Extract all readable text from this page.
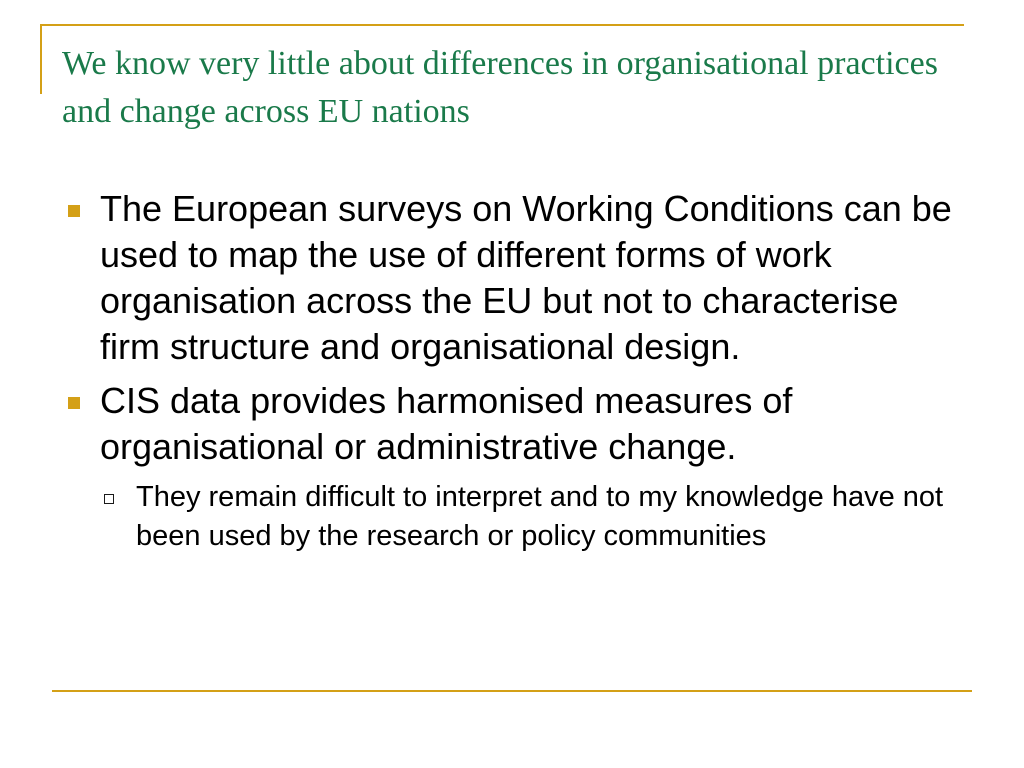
We know very little about differences in organisational practices and change across EU nations
The European surveys on Working Conditions can be used to map the use of different forms of work organisation across the EU but not to characterise firm structure and organisational design.
CIS data provides harmonised measures of organisational or administrative change.
They remain difficult to interpret and to my knowledge have not been used by the research or policy communities
